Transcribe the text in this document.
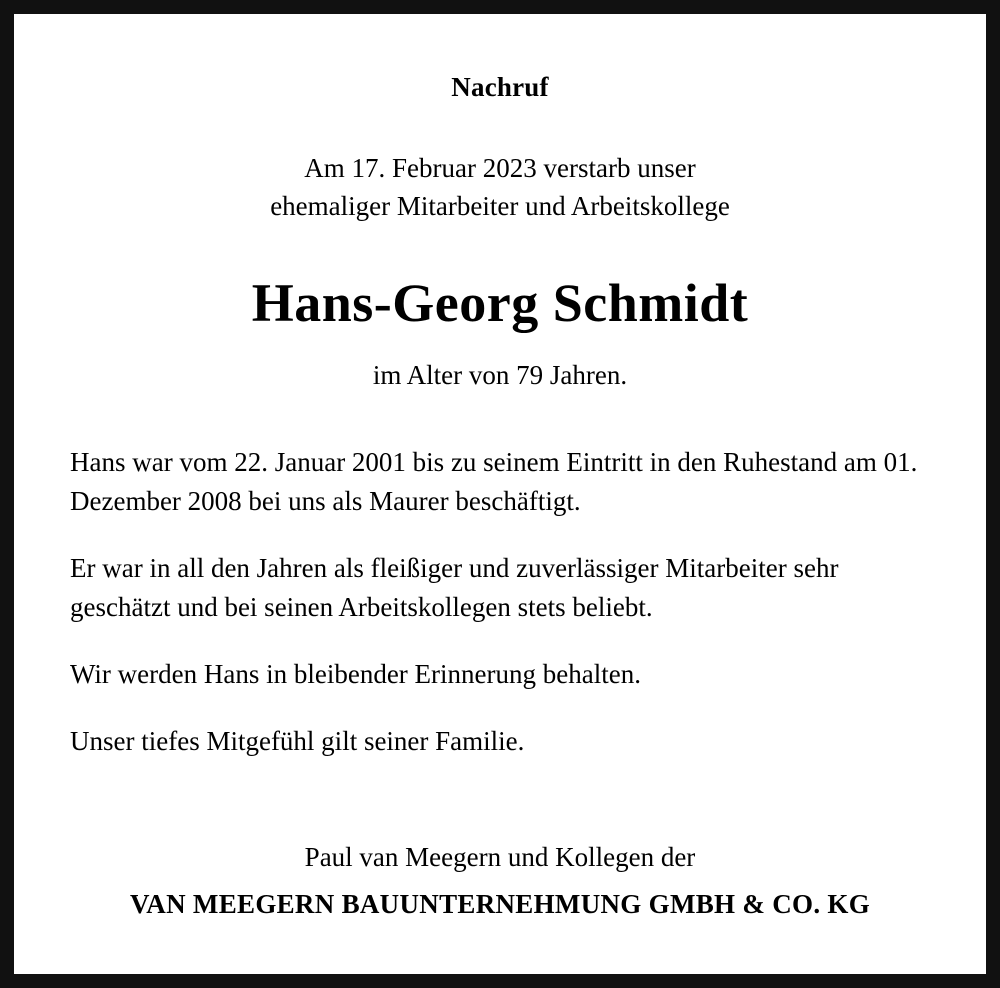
Nachruf
Am 17. Februar 2023 verstarb unser
ehemaliger Mitarbeiter und Arbeitskollege
Hans-Georg Schmidt
im Alter von 79 Jahren.

Hans war vom 22. Januar 2001 bis zu seinem Eintritt in den Ruhestand am 01. Dezember 2008 bei uns als Maurer beschäftigt.

Er war in all den Jahren als fleißiger und zuverlässiger Mitarbeiter sehr geschätzt und bei seinen Arbeitskollegen stets beliebt.

Wir werden Hans in bleibender Erinnerung behalten.

Unser tiefes Mitgefühl gilt seiner Familie.

Paul van Meegern und Kollegen der
VAN MEEGERN BAUUNTERNEHMUNG GMBH & CO. KG
